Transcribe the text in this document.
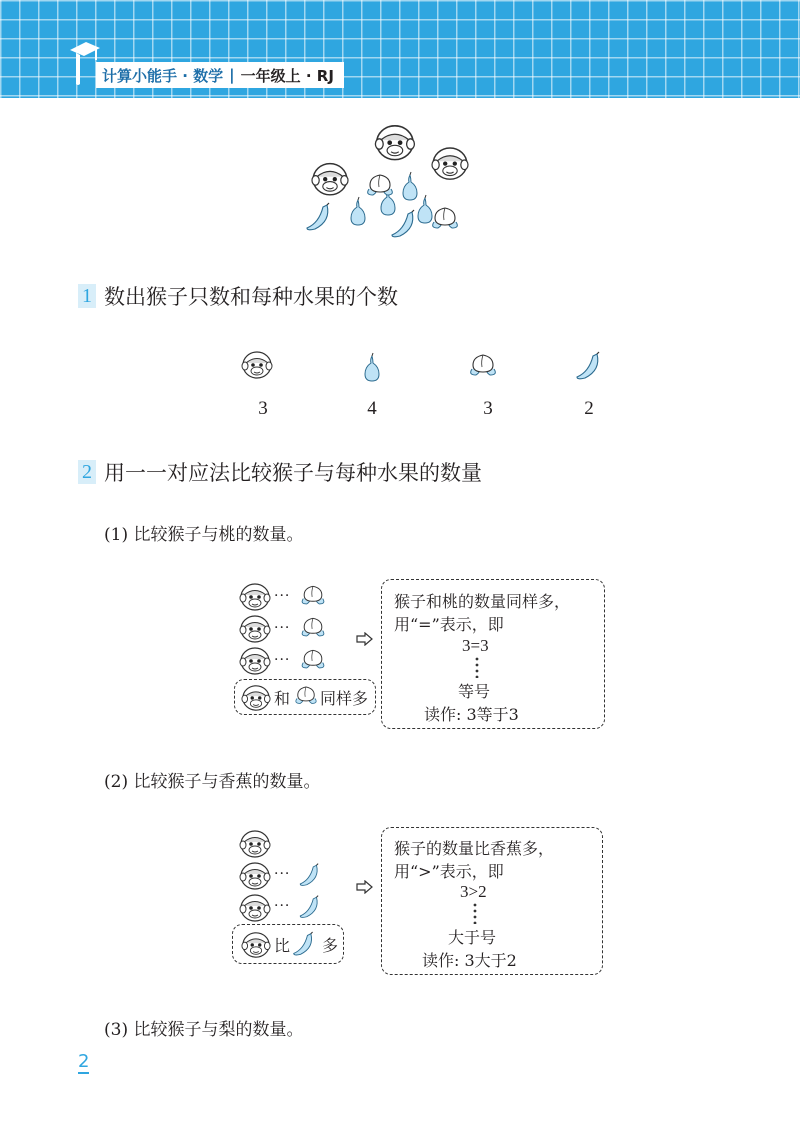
计算小能手 · 数学 | 一年级上 · RJ
1 数出猴子只数和每种水果的个数
3	4	3	2
2 用一一对应法比较猴子与每种水果的数量
(1) 比较猴子与桃的数量。
···
···
···
和 同样多
猴子和桃的数量同样多，
用“=”表示，即
3=3
等号
读作: 3等于3
(2) 比较猴子与香蕉的数量。
···
···
比 多
猴子的数量比香蕉多，
用“>”表示，即
3>2
大于号
读作: 3大于2
(3) 比较猴子与梨的数量。
2
